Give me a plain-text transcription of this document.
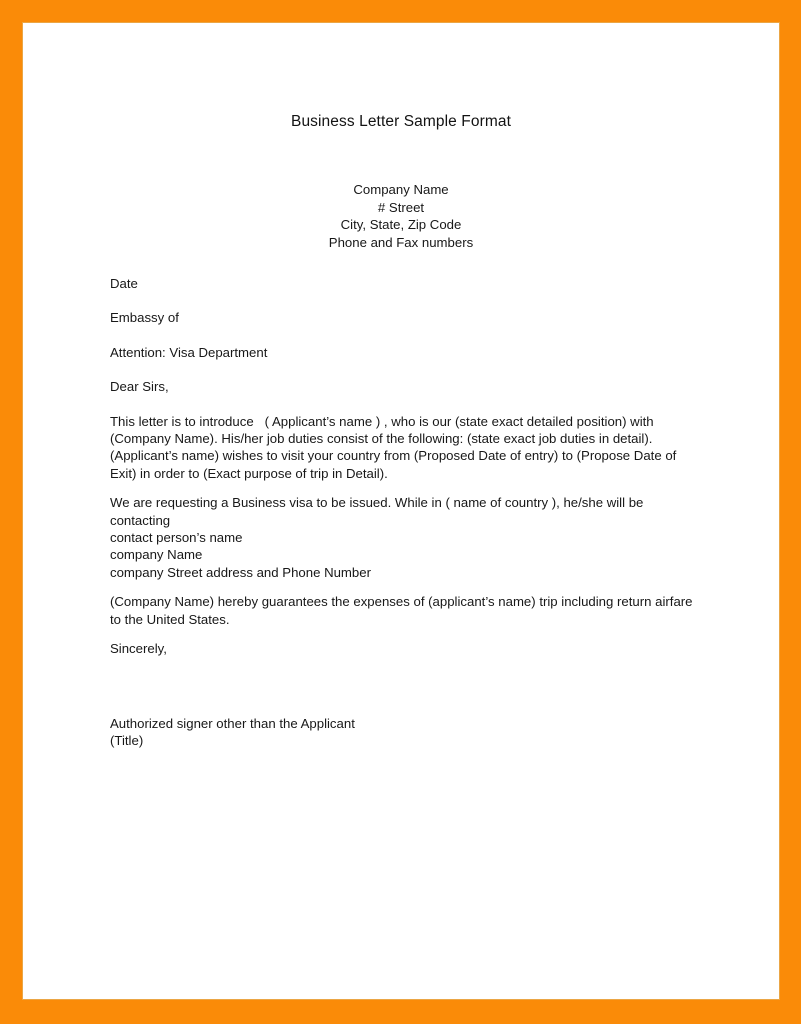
Business Letter Sample Format
Company Name
# Street
City, State, Zip Code
Phone and Fax numbers
Date
Embassy of
Attention: Visa Department
Dear Sirs,
This letter is to introduce   ( Applicant’s name ) , who is our (state exact detailed position) with (Company Name). His/her job duties consist of the following: (state exact job duties in detail). (Applicant’s name) wishes to visit your country from (Proposed Date of entry) to (Propose Date of Exit) in order to (Exact purpose of trip in Detail).
We are requesting a Business visa to be issued. While in ( name of country ), he/she will be contacting
contact person’s name
company Name
company Street address and Phone Number
(Company Name) hereby guarantees the expenses of (applicant’s name) trip including return airfare to the United States.
Sincerely,
Authorized signer other than the Applicant
(Title)
